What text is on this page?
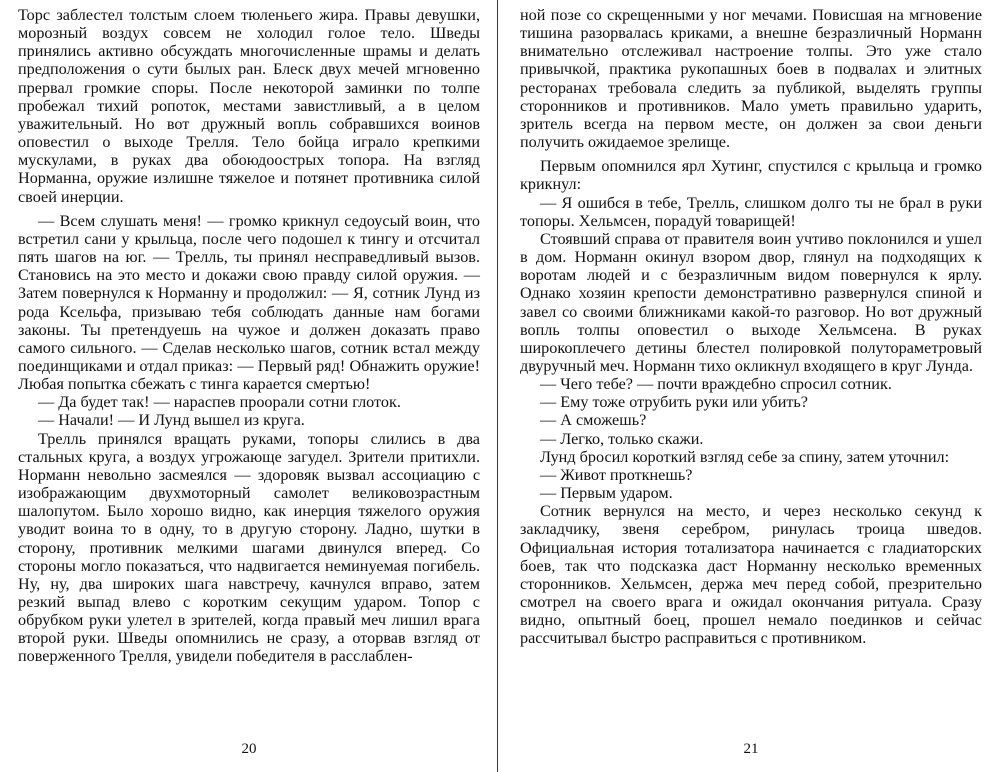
Торс заблестел толстым слоем тюленьего жира. Правы девушки, морозный воздух совсем не холодил голое тело. Шведы принялись активно обсуждать многочисленные шрамы и делать предположения о сути былых ран. Блеск двух мечей мгновенно прервал громкие споры. После некоторой заминки по толпе пробежал тихий ропоток, местами завистливый, а в целом уважительный. Но вот дружный вопль собравшихся воинов оповестил о выходе Трелля. Тело бойца играло крепкими мускулами, в руках два обоюдоострых топора. На взгляд Норманна, оружие излишне тяжелое и потянет противника силой своей инерции.

— Всем слушать меня! — громко крикнул седоусый воин, что встретил сани у крыльца, после чего подошел к тингу и отсчитал пять шагов на юг. — Трелль, ты принял несправедливый вызов. Становись на это место и докажи свою правду силой оружия. — Затем повернулся к Норманну и продолжил: — Я, сотник Лунд из рода Ксельфа, призываю тебя соблюдать данные нам богами законы. Ты претендуешь на чужое и должен доказать право самого сильного. — Сделав несколько шагов, сотник встал между поединщиками и отдал приказ: — Первый ряд! Обнажить оружие! Любая попытка сбежать с тинга карается смертью!

— Да будет так! — нараспев проорали сотни глоток.

— Начали! — И Лунд вышел из круга.

Трелль принялся вращать руками, топоры слились в два стальных круга, а воздух угрожающе загудел. Зрители притихли. Норманн невольно засмеялся — здоровяк вызвал ассоциацию с изображающим двухмоторный самолет великовозрастным шалопутом. Было хорошо видно, как инерция тяжелого оружия уводит воина то в одну, то в другую сторону. Ладно, шутки в сторону, противник мелкими шагами двинулся вперед. Со стороны могло показаться, что надвигается неминуемая погибель. Ну, ну, два широких шага навстречу, качнулся вправо, затем резкий выпад влево с коротким секущим ударом. Топор с обрубком руки улетел в зрителей, когда правый меч лишил врага второй руки. Шведы опомнились не сразу, а оторвав взгляд от поверженного Трелля, увидели победителя в расслаблен-

ной позе со скрещенными у ног мечами. Повисшая на мгновение тишина разорвалась криками, а внешне безразличный Норманн внимательно отслеживал настроение толпы. Это уже стало привычкой, практика рукопашных боев в подвалах и элитных ресторанах требовала следить за публикой, выделять группы сторонников и противников. Мало уметь правильно ударить, зритель всегда на первом месте, он должен за свои деньги получить ожидаемое зрелище.

Первым опомнился ярл Хутинг, спустился с крыльца и громко крикнул:

— Я ошибся в тебе, Трелль, слишком долго ты не брал в руки топоры. Хельмсен, порадуй товарищей!

Стоявший справа от правителя воин учтиво поклонился и ушел в дом. Норманн окинул взором двор, глянул на подходящих к воротам людей и с безразличным видом повернулся к ярлу. Однако хозяин крепости демонстративно развернулся спиной и завел со своими ближниками какой-то разговор. Но вот дружный вопль толпы оповестил о выходе Хельмсена. В руках широкоплечего детины блестел полировкой полутораметровый двуручный меч. Норманн тихо окликнул входящего в круг Лунда.

— Чего тебе? — почти враждебно спросил сотник.

— Ему тоже отрубить руки или убить?

— А сможешь?

— Легко, только скажи.

Лунд бросил короткий взгляд себе за спину, затем уточнил:

— Живот проткнешь?

— Первым ударом.

Сотник вернулся на место, и через несколько секунд к закладчику, звеня серебром, ринулась троица шведов. Официальная история тотализатора начинается с гладиаторских боев, так что подсказка даст Норманну несколько временных сторонников. Хельмсен, держа меч перед собой, презрительно смотрел на своего врага и ожидал окончания ритуала. Сразу видно, опытный боец, прошел немало поединков и сейчас рассчитывал быстро расправиться с противником.

20	21
